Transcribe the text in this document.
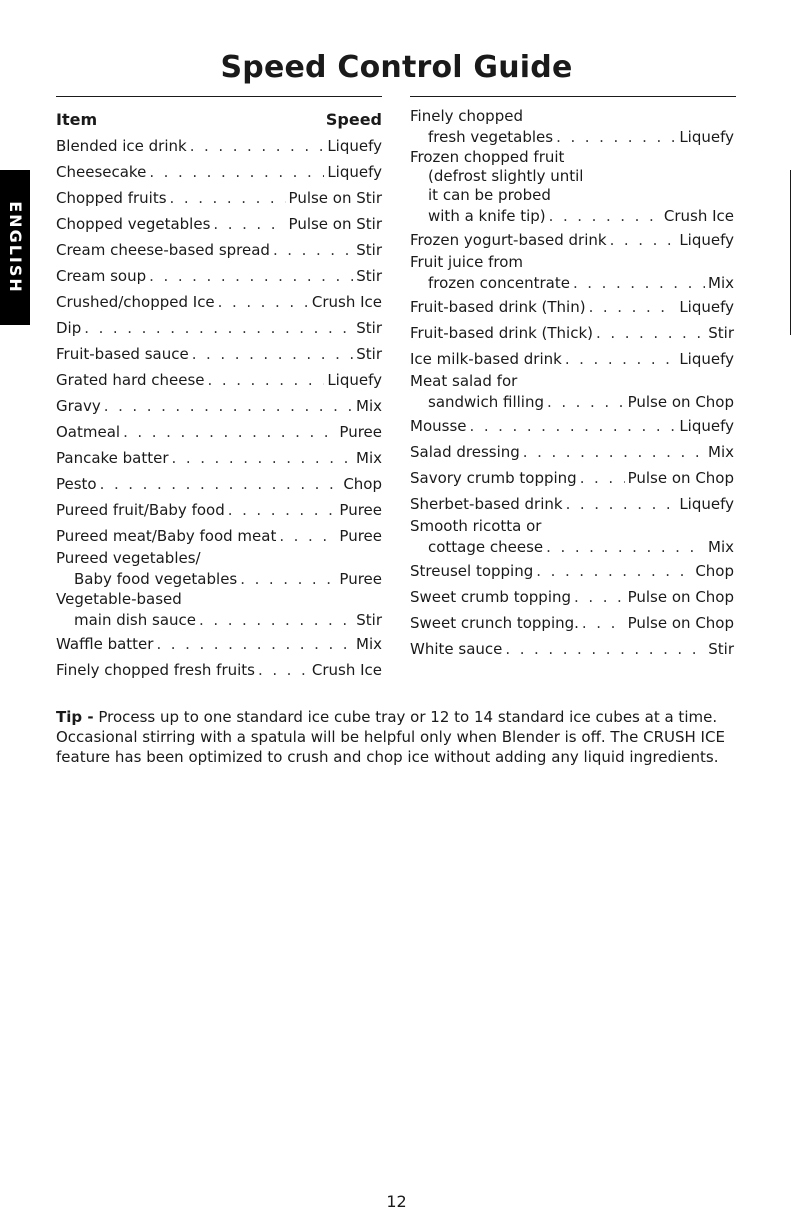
Speed Control Guide
ENGLISH
Item	Speed
Blended ice drink . . .	Liquefy
Cheesecake . . .	Liquefy
Chopped fruits . . .	Pulse on Stir
Chopped vegetables . . .	Pulse on Stir
Cream cheese-based spread . . .	Stir
Cream soup . . .	Stir
Crushed/chopped Ice . . .	Crush Ice
Dip . . .	Stir
Fruit-based sauce . . .	Stir
Grated hard cheese . . .	Liquefy
Gravy . . .	Mix
Oatmeal . . .	Puree
Pancake batter . . .	Mix
Pesto . . .	Chop
Pureed fruit/Baby food . . .	Puree
Pureed meat/Baby food meat . . .	Puree
Pureed vegetables/
Baby food vegetables . . .	Puree
Vegetable-based
main dish sauce . . .	Stir
Waffle batter . . .	Mix
Finely chopped fresh fruits . . .	Crush Ice
Finely chopped
fresh vegetables . . .	Liquefy
Frozen chopped fruit
(defrost slightly until
it can be probed
with a knife tip) . . .	Crush Ice
Frozen yogurt-based drink . . .	Liquefy
Fruit juice from
frozen concentrate . . .	Mix
Fruit-based drink (Thin) . . .	Liquefy
Fruit-based drink (Thick) . . .	Stir
Ice milk-based drink . . .	Liquefy
Meat salad for
sandwich filling . . .	Pulse on Chop
Mousse . . .	Liquefy
Salad dressing . . .	Mix
Savory crumb topping . . .	Pulse on Chop
Sherbet-based drink . . .	Liquefy
Smooth ricotta or
cottage cheese . . .	Mix
Streusel topping . . .	Chop
Sweet crumb topping . . .	Pulse on Chop
Sweet crunch topping. . . .	Pulse on Chop
White sauce . . .	Stir
Tip - Process up to one standard ice cube tray or 12 to 14 standard ice cubes at a time. Occasional stirring with a spatula will be helpful only when Blender is off. The CRUSH ICE feature has been optimized to crush and chop ice without adding any liquid ingredients.
12
